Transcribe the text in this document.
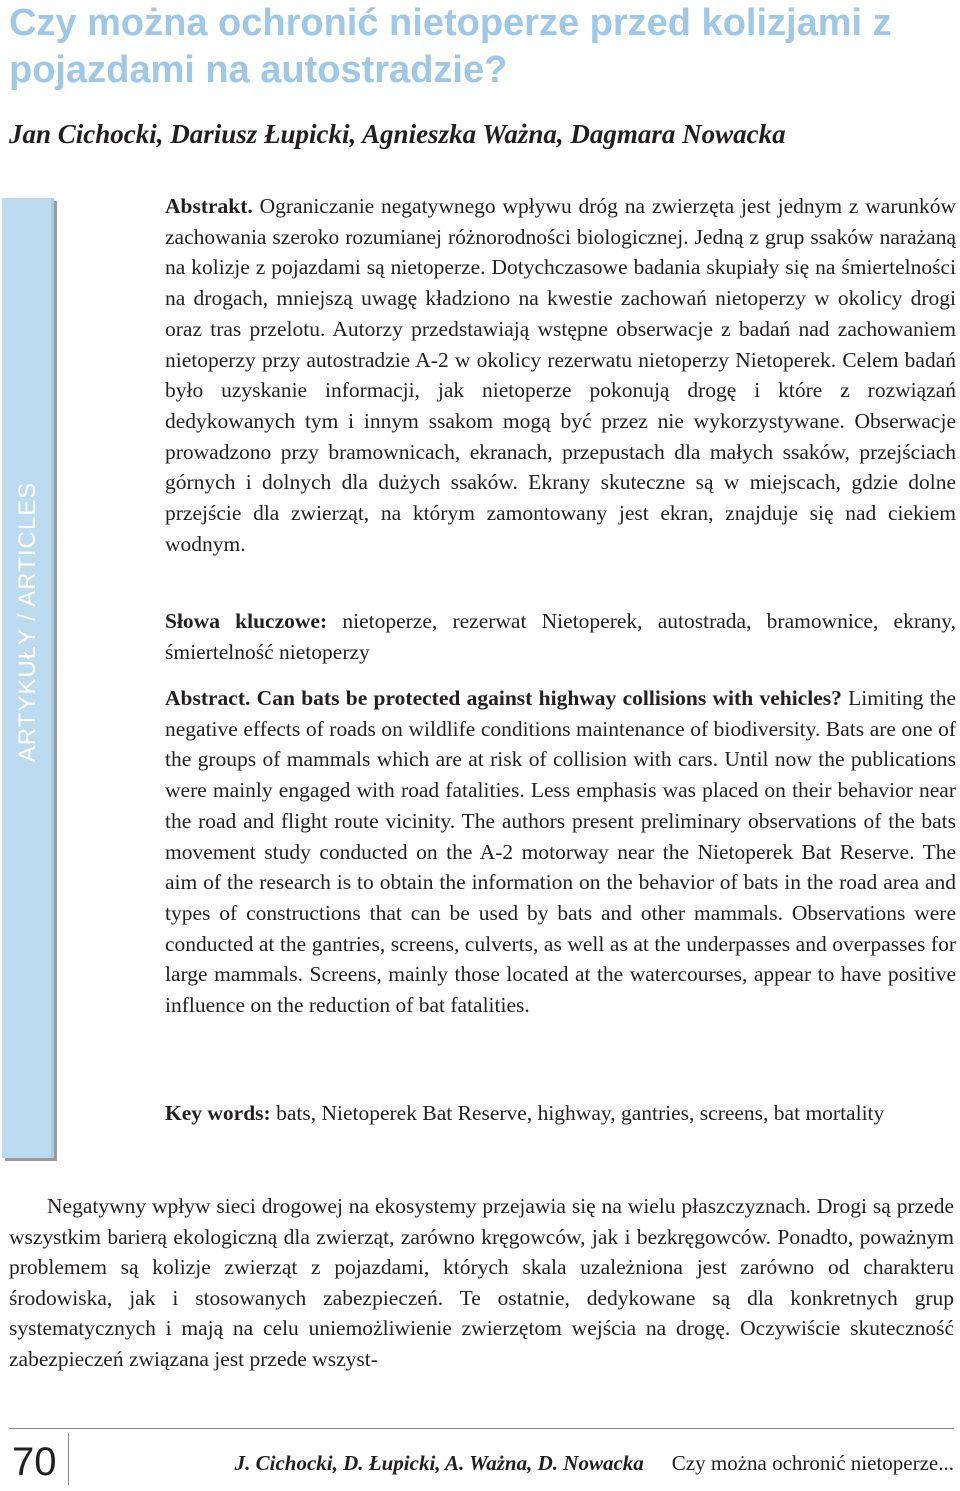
Czy można ochronić nietoperze przed kolizjami z pojazdami na autostradzie?

Jan Cichocki, Dariusz Łupicki, Agnieszka Ważna, Dagmara Nowacka

ARTYKUŁY / ARTICLES

Abstrakt. Ograniczanie negatywnego wpływu dróg na zwierzęta jest jednym z warunków zachowania szeroko rozumianej różnorodności biologicznej. Jedną z grup ssaków narażaną na kolizje z pojazdami są nietoperze. Dotychczasowe badania skupiały się na śmiertelności na drogach, mniejszą uwagę kładziono na kwestie zachowań nietoperzy w okolicy drogi oraz tras przelotu. Autorzy przedstawiają wstępne obserwacje z badań nad zachowaniem nietoperzy przy autostradzie A-2 w okolicy rezerwatu nietoperzy Nietoperek. Celem badań było uzyskanie informacji, jak nietoperze pokonują drogę i które z rozwiązań dedykowanych tym i innym ssakom mogą być przez nie wykorzystywane. Obserwacje prowadzono przy bramownicach, ekranach, przepustach dla małych ssaków, przejściach górnych i dolnych dla dużych ssaków. Ekrany skuteczne są w miejscach, gdzie dolne przejście dla zwierząt, na którym zamontowany jest ekran, znajduje się nad ciekiem wodnym.

Słowa kluczowe: nietoperze, rezerwat Nietoperek, autostrada, bramownice, ekrany, śmiertelność nietoperzy

Abstract. Can bats be protected against highway collisions with vehicles? Limiting the negative effects of roads on wildlife conditions maintenance of biodiversity. Bats are one of the groups of mammals which are at risk of collision with cars. Until now the publications were mainly engaged with road fatalities. Less emphasis was placed on their behavior near the road and flight route vicinity. The authors present preliminary observations of the bats movement study conducted on the A-2 motorway near the Nietoperek Bat Reserve. The aim of the research is to obtain the information on the behavior of bats in the road area and types of constructions that can be used by bats and other mammals. Observations were conducted at the gantries, screens, culverts, as well as at the underpasses and overpasses for large mammals. Screens, mainly those located at the watercourses, appear to have positive influence on the reduction of bat fatalities.

Key words: bats, Nietoperek Bat Reserve, highway, gantries, screens, bat mortality

Negatywny wpływ sieci drogowej na ekosystemy przejawia się na wielu płaszczyznach. Drogi są przede wszystkim barierą ekologiczną dla zwierząt, zarówno kręgowców, jak i bezkręgowców. Ponadto, poważnym problemem są kolizje zwierząt z pojazdami, których skala uzależniona jest zarówno od charakteru środowiska, jak i stosowanych zabezpieczeń. Te ostatnie, dedykowane są dla konkretnych grup systematycznych i mają na celu uniemożliwienie zwierzętom wejścia na drogę. Oczywiście skuteczność zabezpieczeń związana jest przede wszyst-

70	J. Cichocki, D. Łupicki, A. Ważna, D. Nowacka Czy można ochronić nietoperze...
